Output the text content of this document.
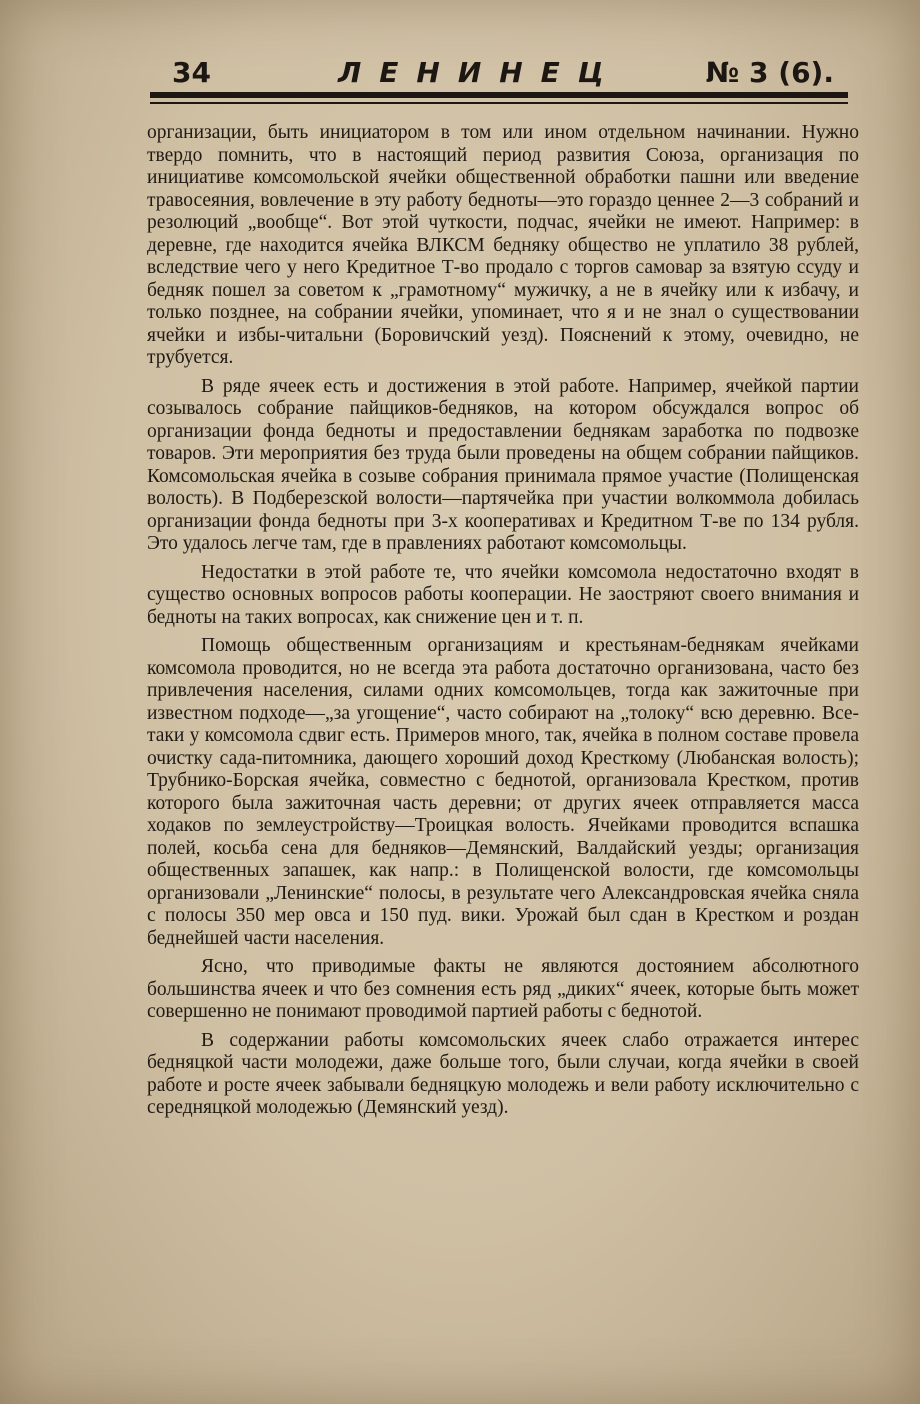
34	ЛЕНИНЕЦ	№ 3 (6).

организации, быть инициатором в том или ином отдельном начинании. Нужно твердо помнить, что в настоящий период развития Союза, организация по инициативе комсомольской ячейки общественной обработки пашни или введение травосеяния, вовлечение в эту работу бедноты—это гораздо ценнее 2—3 собраний и резолюций „вообще“. Вот этой чуткости, подчас, ячейки не имеют. Например: в деревне, где находится ячейка ВЛКСМ бедняку общество не уплатило 38 рублей, вследствие чего у него Кредитное Т-во продало с торгов самовар за взятую ссуду и бедняк пошел за советом к „грамотному“ мужичку, а не в ячейку или к избачу, и только позднее, на собрании ячейки, упоминает, что я и не знал о существовании ячейки и избы-читальни (Боровичский уезд). Пояснений к этому, очевидно, не трубуется.

В ряде ячеек есть и достижения в этой работе. Например, ячейкой партии созывалось собрание пайщиков-бедняков, на котором обсуждался вопрос об организации фонда бедноты и предоставлении беднякам заработка по подвозке товаров. Эти мероприятия без труда были проведены на общем собрании пайщиков. Комсомольская ячейка в созыве собрания принимала прямое участие (Полищенская волость). В Подберезской волости—партячейка при участии волкоммола добилась организации фонда бедноты при 3-х кооперативах и Кредитном Т-ве по 134 рубля. Это удалось легче там, где в правлениях работают комсомольцы.

Недостатки в этой работе те, что ячейки комсомола недостаточно входят в существо основных вопросов работы кооперации. Не заостряют своего внимания и бедноты на таких вопросах, как снижение цен и т. п.

Помощь общественным организациям и крестьянам-беднякам ячейками комсомола проводится, но не всегда эта работа достаточно организована, часто без привлечения населения, силами одних комсомольцев, тогда как зажиточные при известном подходе—„за угощение“, часто собирают на „толоку“ всю деревню. Все-таки у комсомола сдвиг есть. Примеров много, так, ячейка в полном составе провела очистку сада-питомника, дающего хороший доход Кресткому (Любанская волость); Трубнико-Борская ячейка, совместно с беднотой, организовала Крестком, против которого была зажиточная часть деревни; от других ячеек отправляется масса ходаков по землеустройству—Троицкая волость. Ячейками проводится вспашка полей, косьба сена для бедняков—Демянский, Валдайский уезды; организация общественных запашек, как напр.: в Полищенской волости, где комсомольцы организовали „Ленинские“ полосы, в результате чего Александровская ячейка сняла с полосы 350 мер овса и 150 пуд. вики. Урожай был сдан в Крестком и роздан беднейшей части населения.

Ясно, что приводимые факты не являются достоянием абсолютного большинства ячеек и что без сомнения есть ряд „диких“ ячеек, которые быть может совершенно не понимают проводимой партией работы с беднотой.

В содержании работы комсомольских ячеек слабо отражается интерес бедняцкой части молодежи, даже больше того, были случаи, когда ячейки в своей работе и росте ячеек забывали бедняцкую молодежь и вели работу исключительно с середняцкой молодежью (Демянский уезд).
